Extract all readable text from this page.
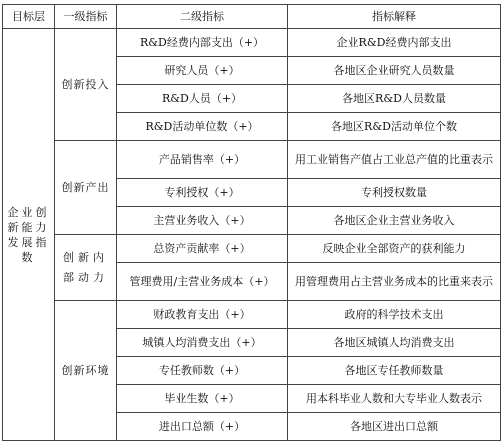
目标层	一级指标	二级指标	指标解释
企业创新能力发展指数	创新投入	R&D经费内部支出（+）	企业R&D经费内部支出
		研究人员（+）	各地区企业研究人员数量
		R&D人员（+）	各地区R&D人员数量
		R&D活动单位数（+）	各地区R&D活动单位个数
	创新产出	产品销售率（+）	用工业销售产值占工业总产值的比重表示
		专利授权（+）	专利授权数量
		主营业务收入（+）	各地区企业主营业务收入
	创新内部动力	总资产贡献率（+）	反映企业全部资产的获利能力
		管理费用/主营业务成本（+）	用管理费用占主营业务成本的比重来表示
	创新环境	财政教育支出（+）	政府的科学技术支出
		城镇人均消费支出（+）	各地区城镇人均消费支出
		专任教师数（+）	各地区专任教师数量
		毕业生数（+）	用本科毕业人数和大专毕业人数表示
		进出口总额（+）	各地区进出口总额
